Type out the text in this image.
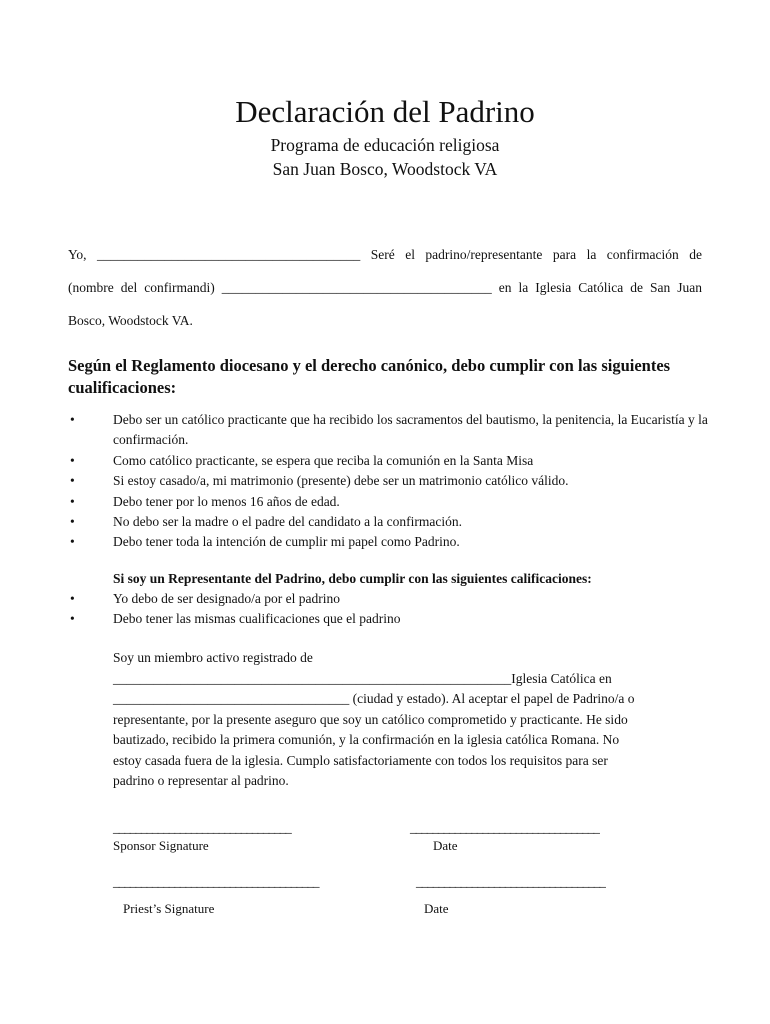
Declaración del Padrino
Programa de educación religiosa
San Juan Bosco, Woodstock VA
Yo, _______________________________________ Seré el padrino/representante para la confirmación de
(nombre del confirmandi) ________________________________________ en la Iglesia Católica de San Juan
Bosco, Woodstock VA.
Según el Reglamento diocesano y el derecho canónico, debo cumplir con las siguientes cualificaciones:
•	Debo ser un católico practicante que ha recibido los sacramentos del bautismo, la penitencia, la Eucaristía y la confirmación.
•	Como católico practicante, se espera que reciba la comunión en la Santa Misa
•	Si estoy casado/a, mi matrimonio (presente) debe ser un matrimonio católico válido.
•	Debo tener por lo menos 16 años de edad.
•	No debo ser la madre o el padre del candidato a la confirmación.
•	Debo tener toda la intención de cumplir mi papel como Padrino.
Si soy un Representante del Padrino, debo cumplir con las siguientes calificaciones:
•	Yo debo de ser designado/a por el padrino
•	Debo tener las mismas cualificaciones que el padrino
Soy un miembro activo registrado de
___________________________________________________________Iglesia Católica en
___________________________________ (ciudad y estado). Al aceptar el papel de Padrino/a o
representante, por la presente aseguro que soy un católico comprometido y practicante. He sido
bautizado, recibido la primera comunión, y la confirmación en la iglesia católica Romana. No
estoy casada fuera de la iglesia. Cumplo satisfactoriamente con todos los requisitos para ser
padrino o representar al padrino.
________________________________
Sponsor Signature
__________________________________
Date
_____________________________________
Priest’s Signature
__________________________________
Date
